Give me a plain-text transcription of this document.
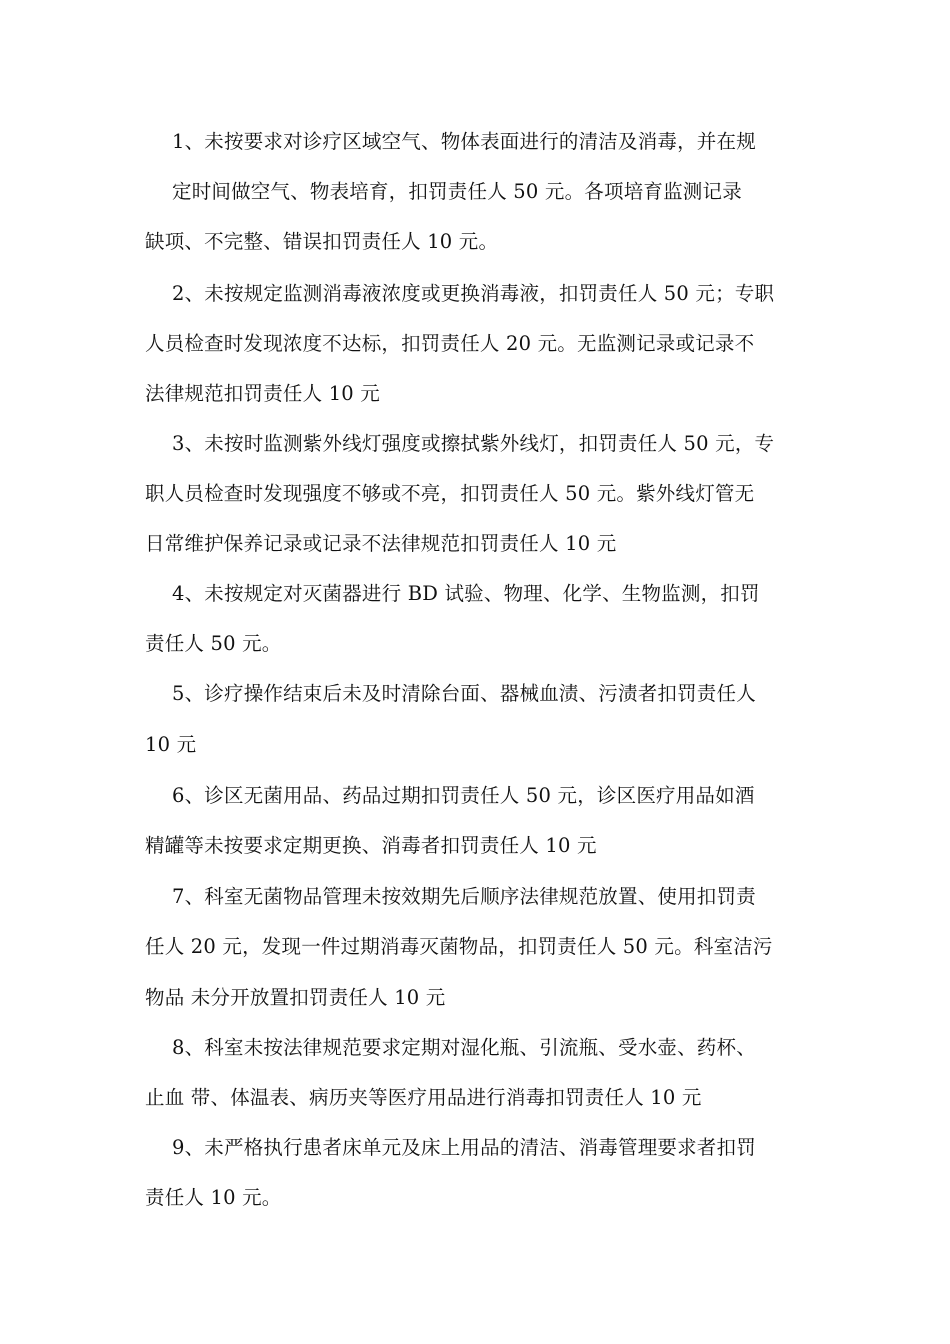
1、未按要求对诊疗区域空气、物体表面进行的清洁及消毒，并在规
定时间做空气、物表培育，扣罚责任人 50 元。各项培育监测记录
缺项、不完整、错误扣罚责任人 10 元。
2、未按规定监测消毒液浓度或更换消毒液，扣罚责任人 50 元；专职
人员检查时发现浓度不达标，扣罚责任人 20 元。无监测记录或记录不
法律规范扣罚责任人 10 元
3、未按时监测紫外线灯强度或擦拭紫外线灯，扣罚责任人 50 元，专
职人员检查时发现强度不够或不亮，扣罚责任人 50 元。紫外线灯管无
日常维护保养记录或记录不法律规范扣罚责任人 10 元
4、未按规定对灭菌器进行 BD 试验、物理、化学、生物监测，扣罚
责任人 50 元。
5、诊疗操作结束后未及时清除台面、器械血渍、污渍者扣罚责任人
10 元
6、诊区无菌用品、药品过期扣罚责任人 50 元，诊区医疗用品如酒
精罐等未按要求定期更换、消毒者扣罚责任人 10 元
7、科室无菌物品管理未按效期先后顺序法律规范放置、使用扣罚责
任人 20 元，发现一件过期消毒灭菌物品，扣罚责任人 50 元。科室洁污
物品 未分开放置扣罚责任人 10 元
8、科室未按法律规范要求定期对湿化瓶、引流瓶、受水壶、药杯、
止血 带、体温表、病历夹等医疗用品进行消毒扣罚责任人 10 元
9、未严格执行患者床单元及床上用品的清洁、消毒管理要求者扣罚
责任人 10 元。
